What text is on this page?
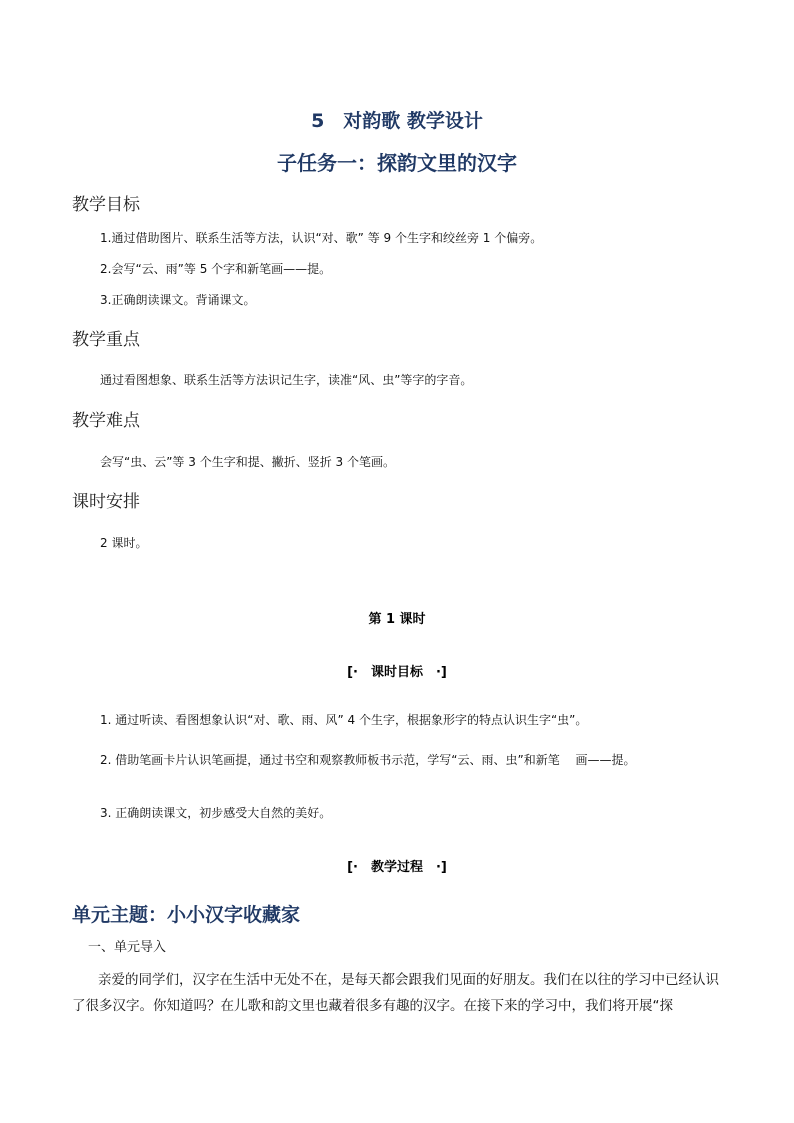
5　对韵歌 教学设计
子任务一：探韵文里的汉字
教学目标
1.通过借助图片、联系生活等方法，认识“对、歌” 等 9 个生字和绞丝旁 1 个偏旁。
2.会写“云、雨”等 5 个字和新笔画——提。
3.正确朗读课文。背诵课文。
教学重点
通过看图想象、联系生活等方法识记生字，读准“风、虫”等字的字音。
教学难点
会写“虫、云”等 3 个生字和提、撇折、竖折 3 个笔画。
课时安排
2 课时。
第 1 课时
[·　课时目标　·]
1. 通过听读、看图想象认识“对、歌、雨、风” 4 个生字，根据象形字的特点认识生字“虫”。
2. 借助笔画卡片认识笔画提，通过书空和观察教师板书示范，学写“云、雨、虫”和新笔　 画——提。
3. 正确朗读课文，初步感受大自然的美好。
[·　教学过程　·]
单元主题：小小汉字收藏家
一、单元导入
亲爱的同学们，汉字在生活中无处不在，是每天都会跟我们见面的好朋友。我们在以往的学习中已经认识了很多汉字。你知道吗？在儿歌和韵文里也藏着很多有趣的汉字。在接下来的学习中，我们将开展“探
